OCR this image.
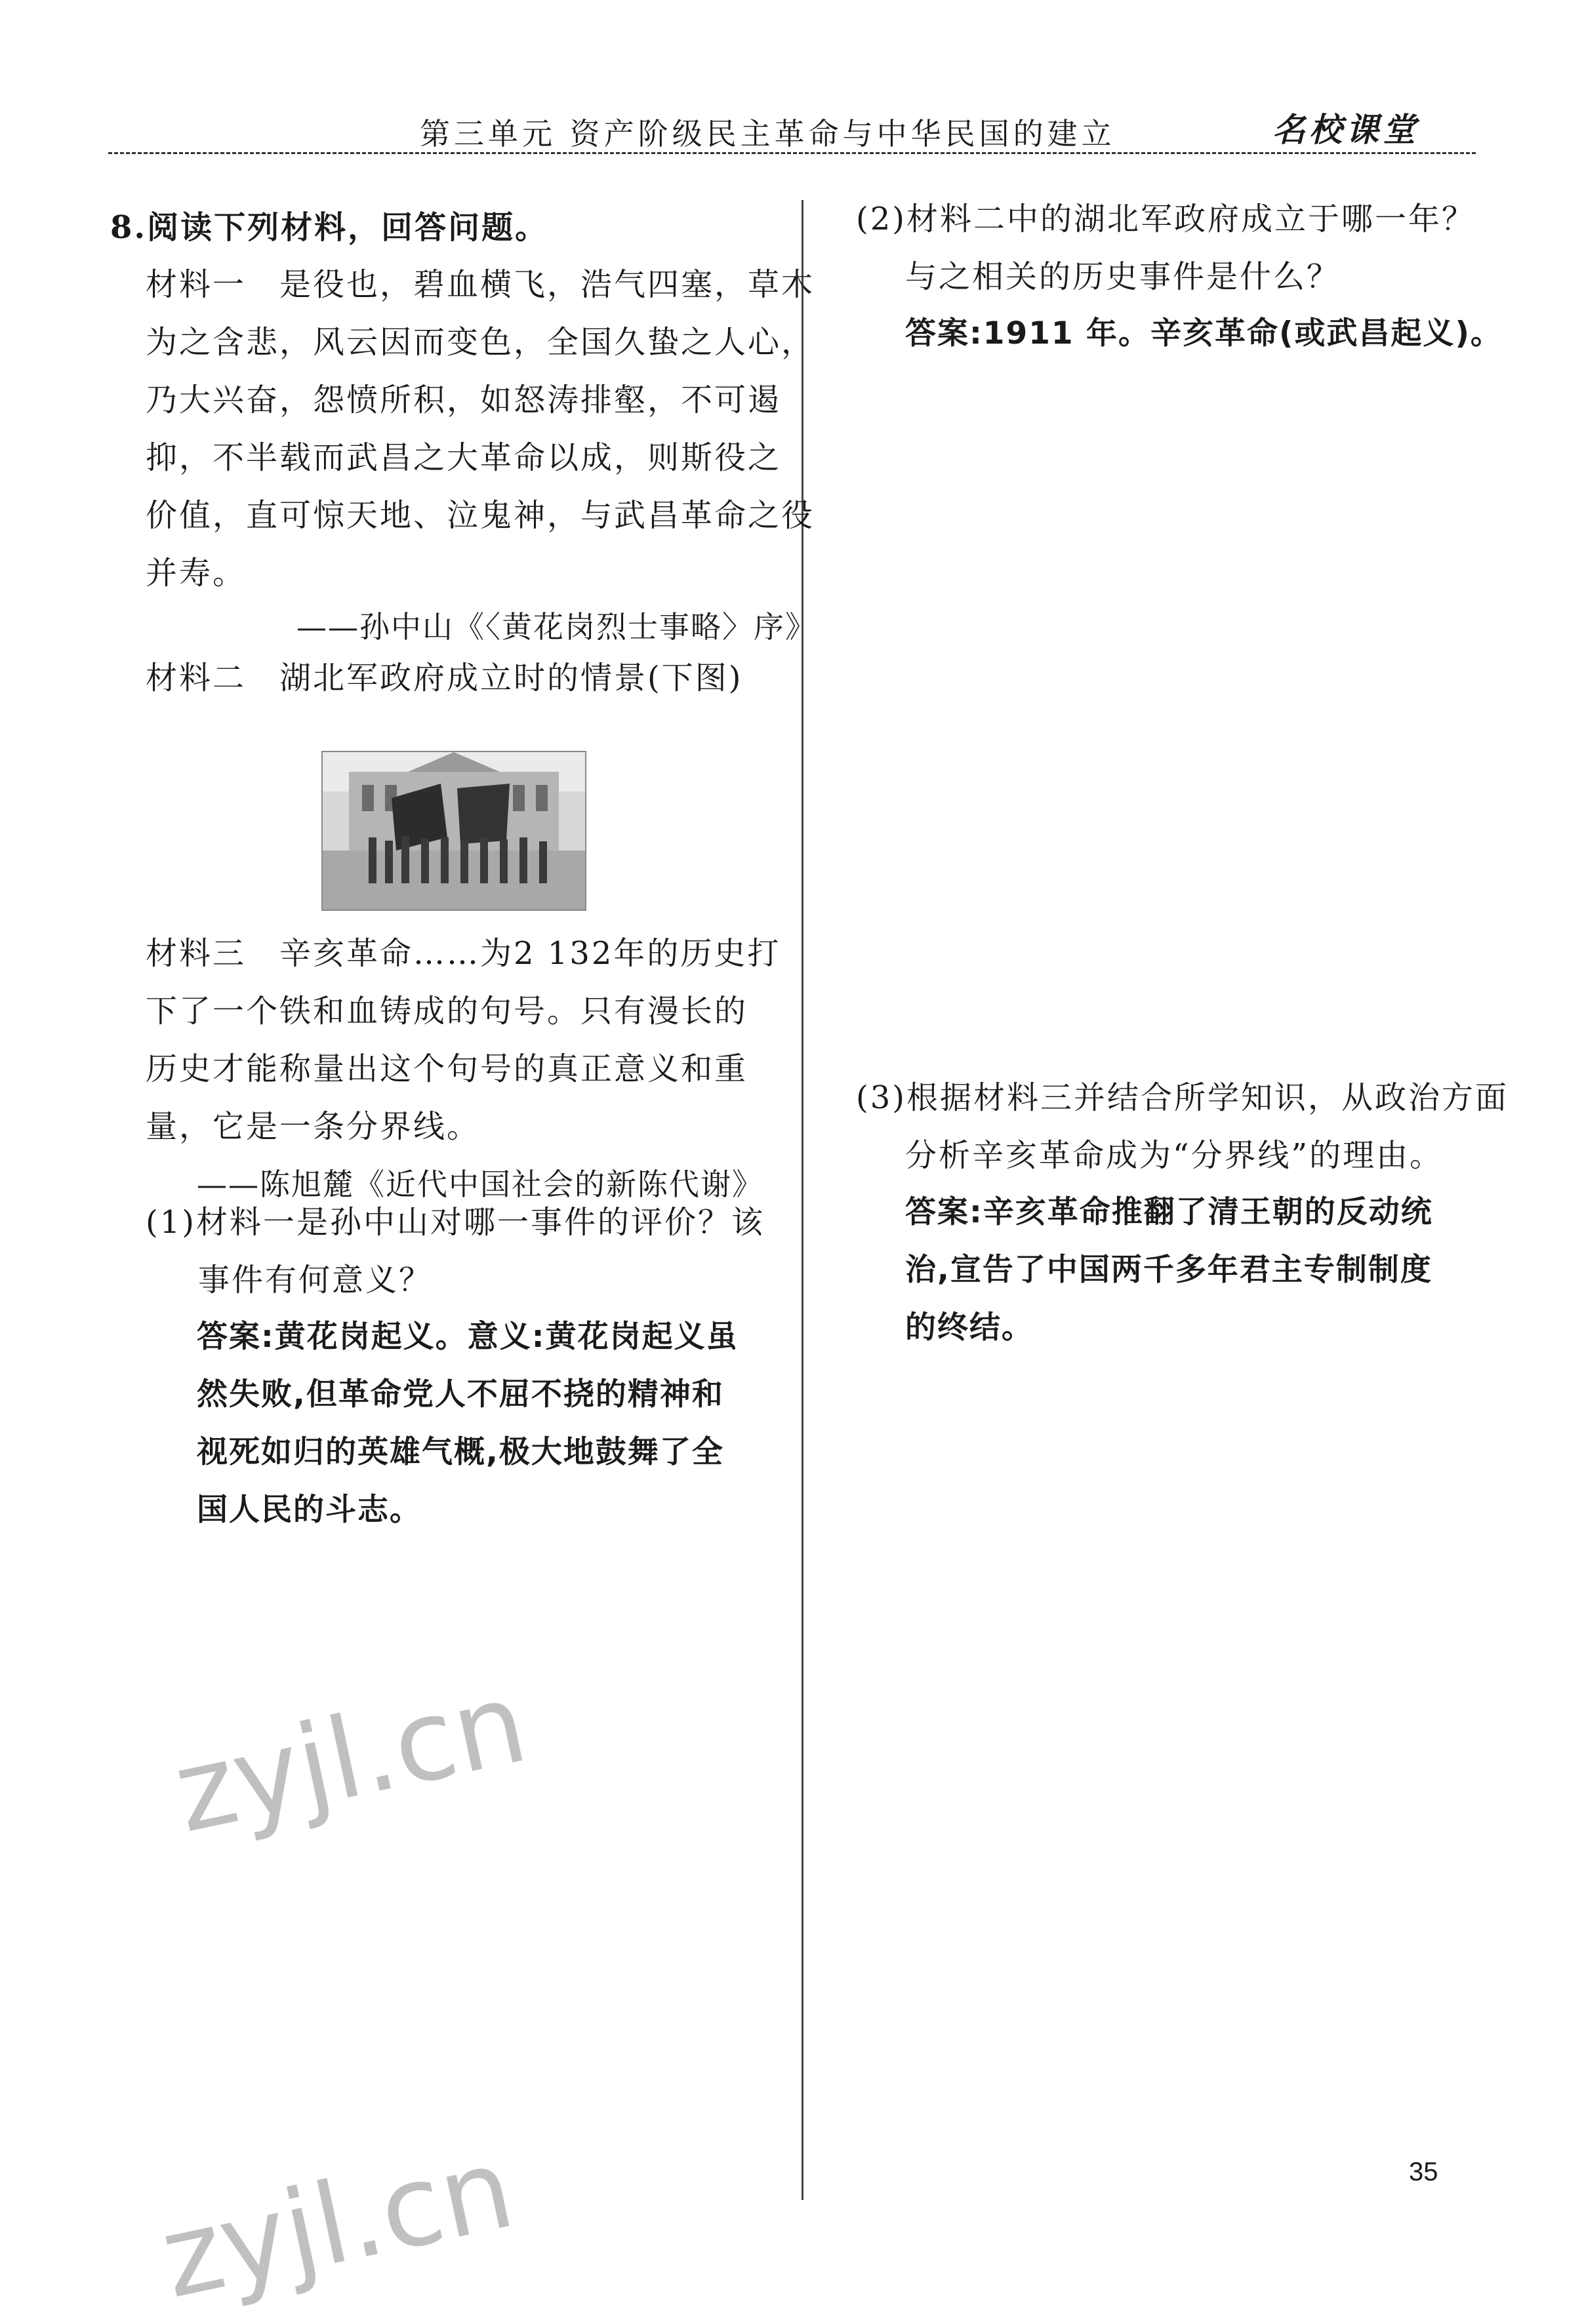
第三单元 资产阶级民主革命与中华民国的建立	名校课堂
8.阅读下列材料，回答问题。
材料一　是役也，碧血横飞，浩气四塞，草木
为之含悲，风云因而变色，全国久蛰之人心，
乃大兴奋，怨愤所积，如怒涛排壑，不可遏
抑，不半载而武昌之大革命以成，则斯役之
价值，直可惊天地、泣鬼神，与武昌革命之役
并寿。
——孙中山《〈黄花岗烈士事略〉序》
材料二　湖北军政府成立时的情景(下图)
材料三　辛亥革命……为2 132年的历史打
下了一个铁和血铸成的句号。只有漫长的
历史才能称量出这个句号的真正意义和重
量，它是一条分界线。
——陈旭麓《近代中国社会的新陈代谢》
(1)材料一是孙中山对哪一事件的评价？该
事件有何意义？
答案:黄花岗起义。意义:黄花岗起义虽
然失败,但革命党人不屈不挠的精神和
视死如归的英雄气概,极大地鼓舞了全
国人民的斗志。
(2)材料二中的湖北军政府成立于哪一年？
与之相关的历史事件是什么？
答案:1911 年。辛亥革命(或武昌起义)。
(3)根据材料三并结合所学知识，从政治方面
分析辛亥革命成为“分界线”的理由。
答案:辛亥革命推翻了清王朝的反动统
治,宣告了中国两千多年君主专制制度
的终结。
zyjl.cn
zyjl.cn	35
